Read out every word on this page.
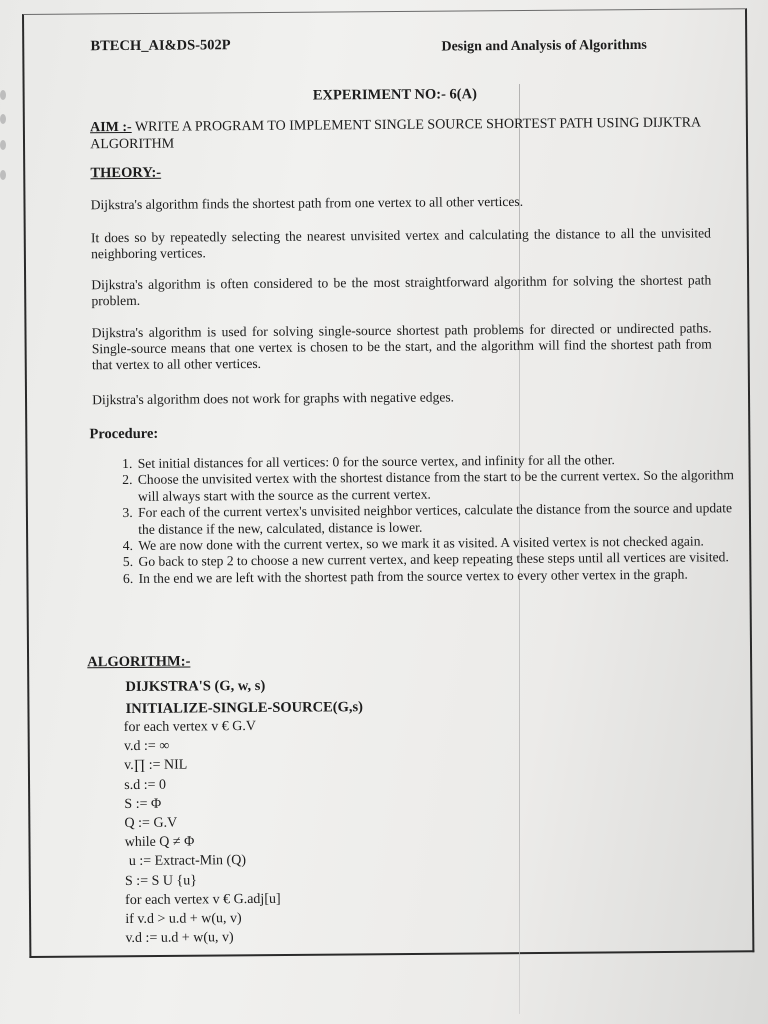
BTECH_AI&DS-502P	Design and Analysis of Algorithms
EXPERIMENT NO:- 6(A)
AIM :- WRITE A PROGRAM TO IMPLEMENT SINGLE SOURCE SHORTEST PATH USING DIJKTRA ALGORITHM
THEORY:-

Dijkstra's algorithm finds the shortest path from one vertex to all other vertices.

It does so by repeatedly selecting the nearest unvisited vertex and calculating the distance to all the unvisited neighboring vertices.

Dijkstra's algorithm is often considered to be the most straightforward algorithm for solving the shortest path problem.

Dijkstra's algorithm is used for solving single-source shortest path problems for directed or undirected paths. Single-source means that one vertex is chosen to be the start, and the algorithm will find the shortest path from that vertex to all other vertices.

Dijkstra's algorithm does not work for graphs with negative edges.

Procedure:
1. Set initial distances for all vertices: 0 for the source vertex, and infinity for all the other.
2. Choose the unvisited vertex with the shortest distance from the start to be the current vertex. So the algorithm will always start with the source as the current vertex.
3. For each of the current vertex's unvisited neighbor vertices, calculate the distance from the source and update the distance if the new, calculated, distance is lower.
4. We are now done with the current vertex, so we mark it as visited. A visited vertex is not checked again.
5. Go back to step 2 to choose a new current vertex, and keep repeating these steps until all vertices are visited.
6. In the end we are left with the shortest path from the source vertex to every other vertex in the graph.
ALGORITHM:-
DIJKSTRA'S (G, w, s)
INITIALIZE-SINGLE-SOURCE(G,s)
for each vertex v € G.V
v.d := ∞
v.∏ := NIL
s.d := 0
S := Φ
Q := G.V
while Q ≠ Φ
u := Extract-Min (Q)
S := S U {u}
for each vertex v € G.adj[u]
if v.d > u.d + w(u, v)
v.d := u.d + w(u, v)
